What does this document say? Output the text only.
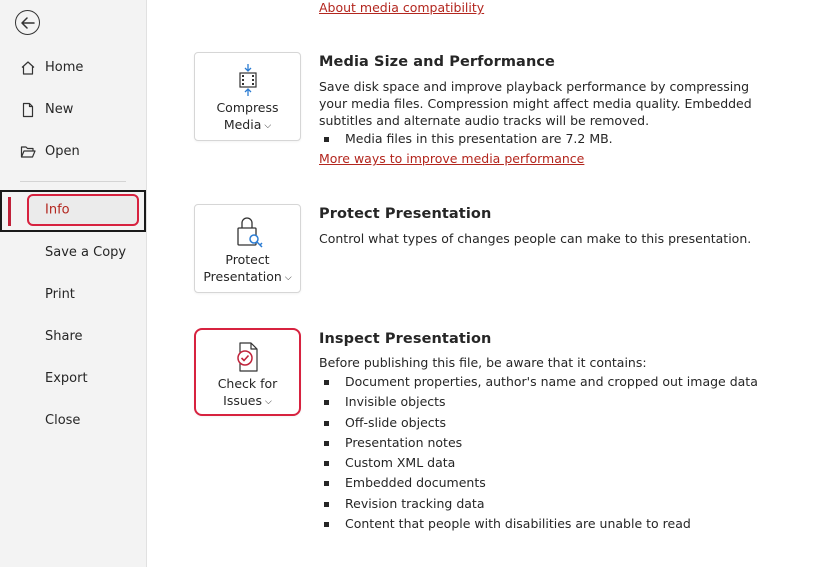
Home
New
Open
Info
Save a Copy
Print
Share
Export
Close
About media compatibility
Compress
Media ⌵
Media Size and Performance
Save disk space and improve playback performance by compressing your media files. Compression might affect media quality. Embedded subtitles and alternate audio tracks will be removed.
Media files in this presentation are 7.2 MB.
More ways to improve media performance
Protect
Presentation ⌵
Protect Presentation
Control what types of changes people can make to this presentation.
Check for
Issues ⌵
Inspect Presentation
Before publishing this file, be aware that it contains:
Document properties, author's name and cropped out image data
Invisible objects
Off-slide objects
Presentation notes
Custom XML data
Embedded documents
Revision tracking data
Content that people with disabilities are unable to read
